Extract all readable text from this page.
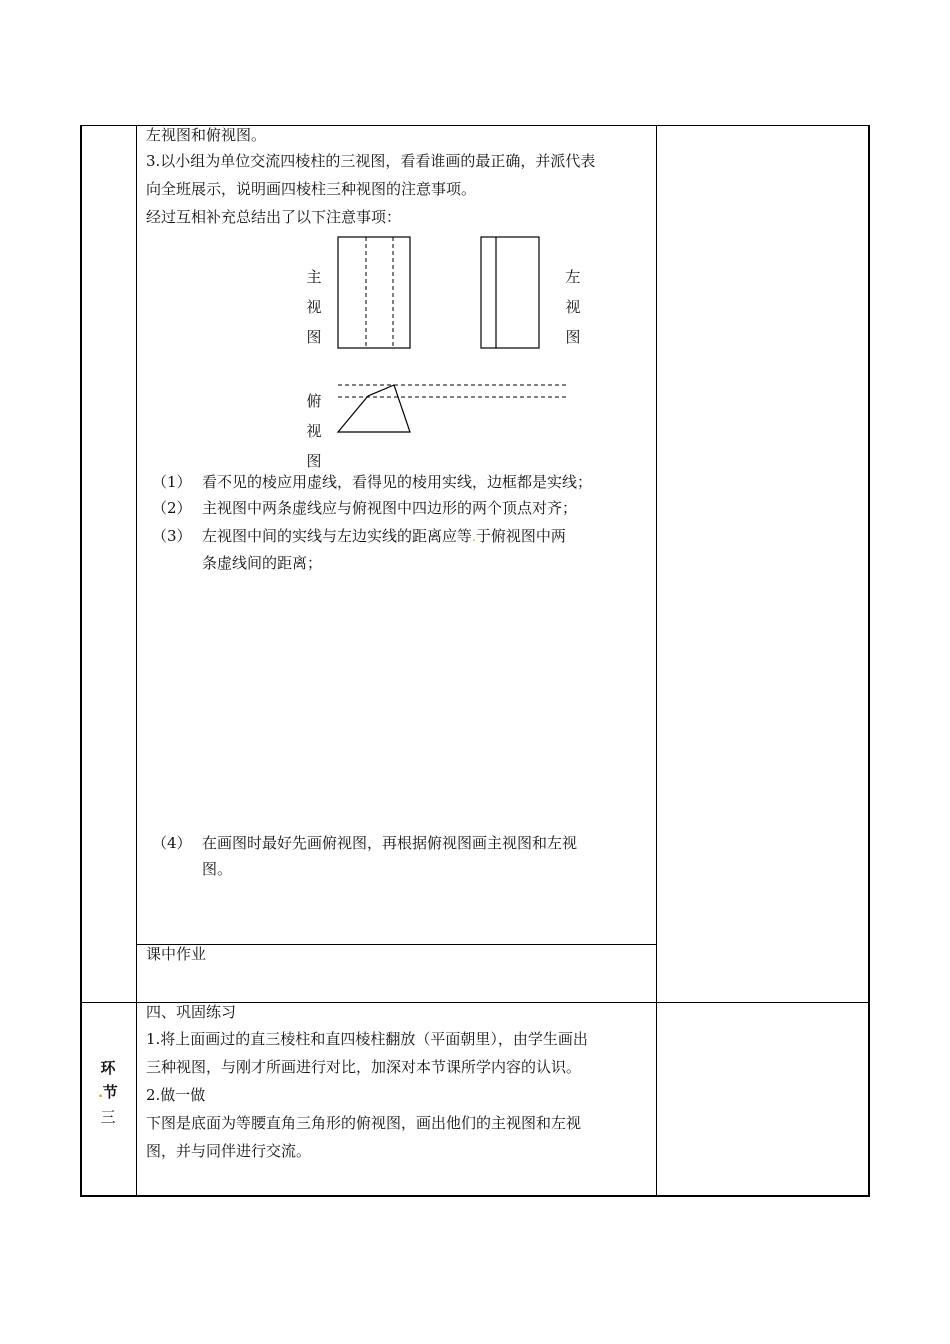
左视图和俯视图。
3.以小组为单位交流四棱柱的三视图，看看谁画的最正确，并派代表
向全班展示，说明画四棱柱三种视图的注意事项。
经过互相补充总结出了以下注意事项：
主
视
图
左
视
图
俯
视
图
（1） 看不见的棱应用虚线，看得见的棱用实线，边框都是实线；
（2） 主视图中两条虚线应与俯视图中四边形的两个顶点对齐；
（3） 左视图中间的实线与左边实线的距离应等.于俯视图中两
条虚线间的距离；
（4） 在画图时最好先画俯视图，再根据俯视图画主视图和左视
图。
课中作业
环
.节
三
四、巩固练习
1.将上面画过的直三棱柱和直四棱柱翻放（平面朝里），由学生画出
三种视图，与刚才所画进行对比，加深对本节课所学内容的认识。
2.做一做
下图是底面为等腰直角三角形的俯视图，画出他们的主视图和左视
图，并与同伴进行交流。
